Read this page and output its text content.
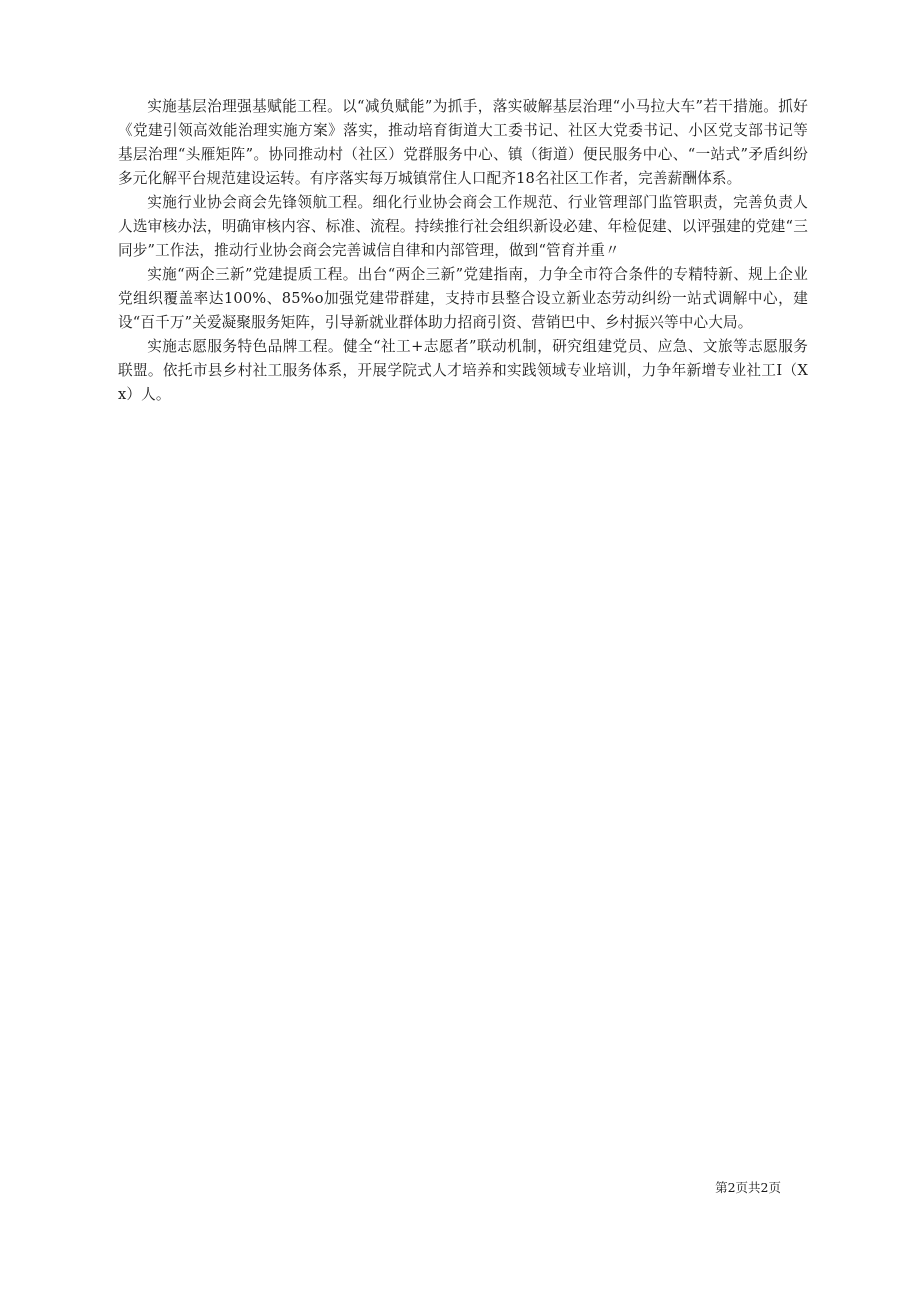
实施基层治理强基赋能工程。以“减负赋能”为抓手，落实破解基层治理“小马拉大车”若干措施。抓好《党建引领高效能治理实施方案》落实，推动培育街道大工委书记、社区大党委书记、小区党支部书记等基层治理“头雁矩阵”。协同推动村（社区）党群服务中心、镇（街道）便民服务中心、“一站式”矛盾纠纷多元化解平台规范建设运转。有序落实每万城镇常住人口配齐18名社区工作者，完善薪酬体系。

实施行业协会商会先锋领航工程。细化行业协会商会工作规范、行业管理部门监管职责，完善负责人人选审核办法，明确审核内容、标准、流程。持续推行社会组织新设必建、年检促建、以评强建的党建“三同步”工作法，推动行业协会商会完善诚信自律和内部管理，做到“管育并重〃

实施“两企三新”党建提质工程。出台“两企三新”党建指南，力争全市符合条件的专精特新、规上企业党组织覆盖率达100%、85%o加强党建带群建，支持市县整合设立新业态劳动纠纷一站式调解中心，建设“百千万”关爱凝聚服务矩阵，引导新就业群体助力招商引资、营销巴中、乡村振兴等中心大局。

实施志愿服务特色品牌工程。健全“社工+志愿者”联动机制，研究组建党员、应急、文旅等志愿服务联盟。依托市县乡村社工服务体系，开展学院式人才培养和实践领域专业培训，力争年新增专业社工I（Xx）人。

第2页共2页
